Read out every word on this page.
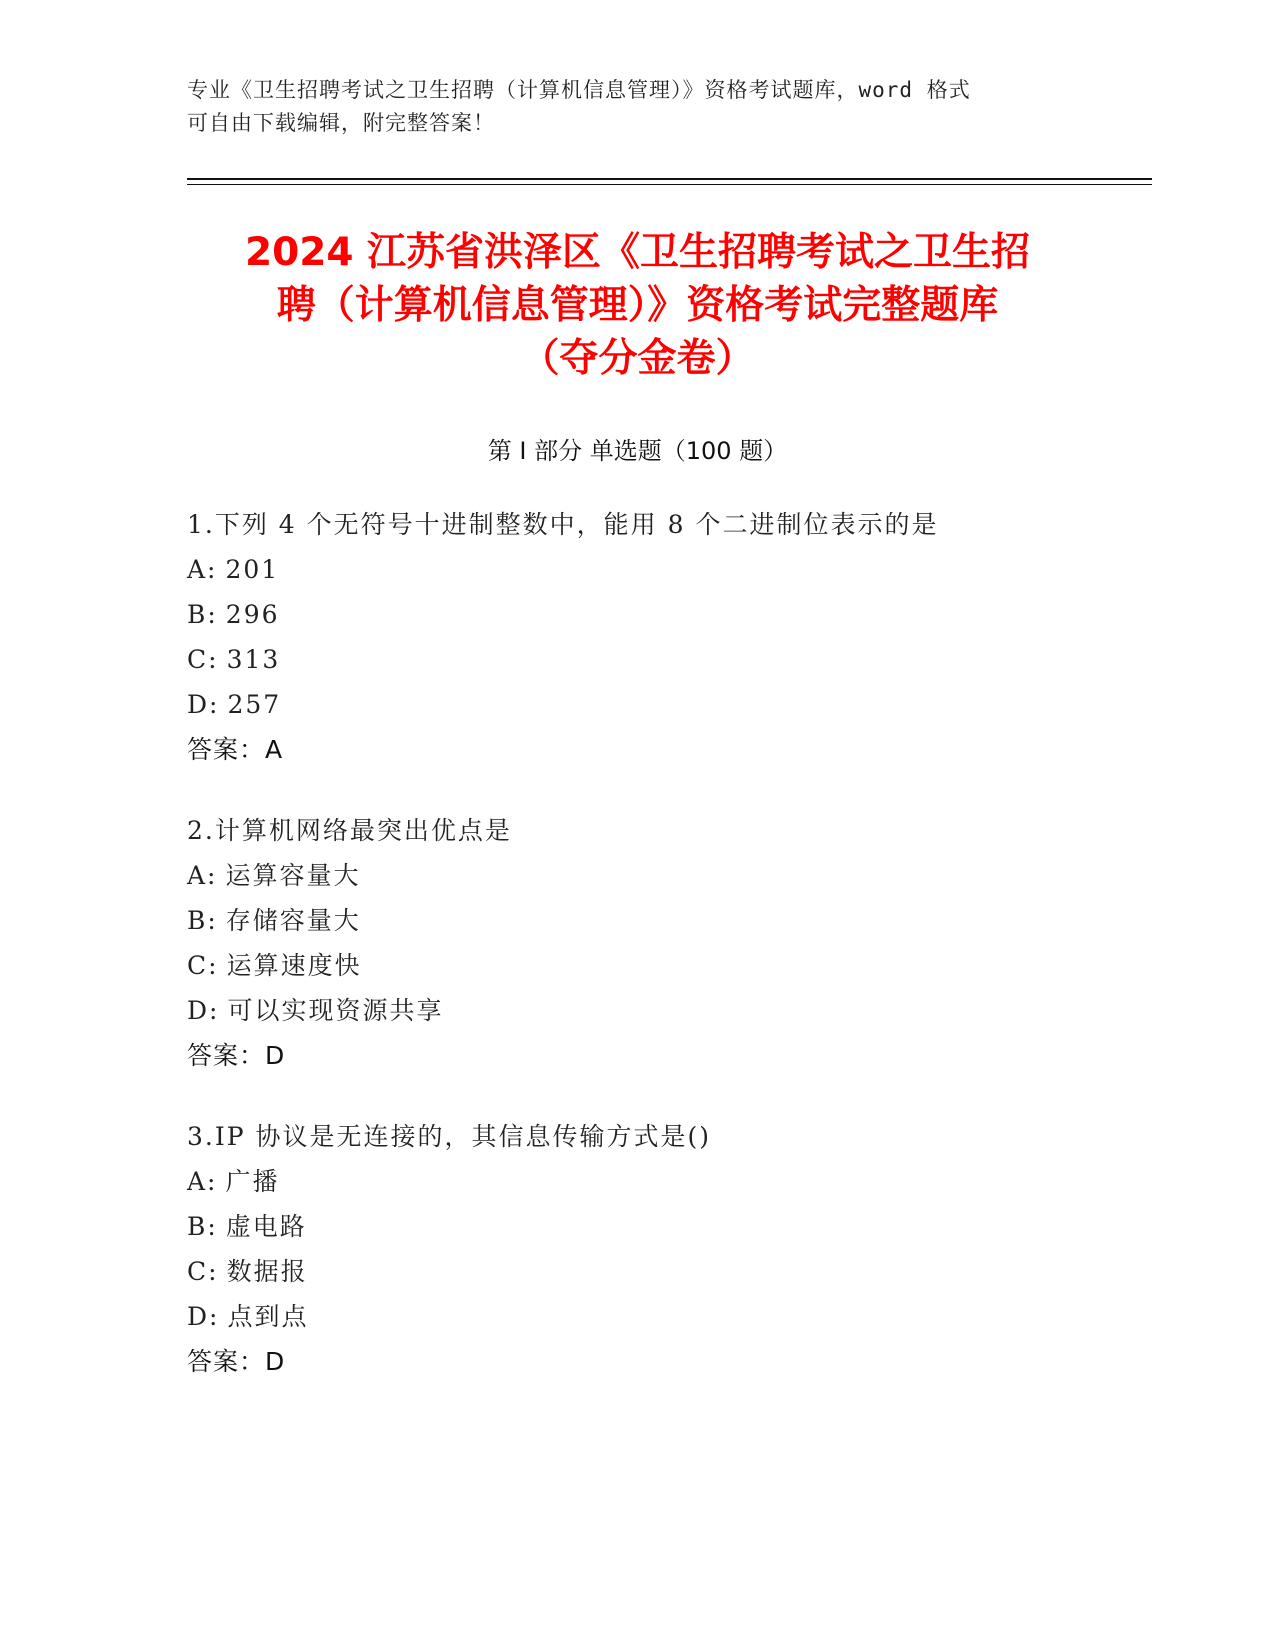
专业《卫生招聘考试之卫生招聘（计算机信息管理）》资格考试题库，word 格式
可自由下载编辑，附完整答案！
2024 江苏省洪泽区《卫生招聘考试之卫生招
聘（计算机信息管理）》资格考试完整题库
（夺分金卷）
第 I 部分 单选题（100 题）
1.下列 4 个无符号十进制整数中，能用 8 个二进制位表示的是
A: 201
B: 296
C: 313
D: 257
答案：A
2.计算机网络最突出优点是
A: 运算容量大
B: 存储容量大
C: 运算速度快
D: 可以实现资源共享
答案：D
3.IP 协议是无连接的，其信息传输方式是()
A: 广播
B: 虚电路
C: 数据报
D: 点到点
答案：D
